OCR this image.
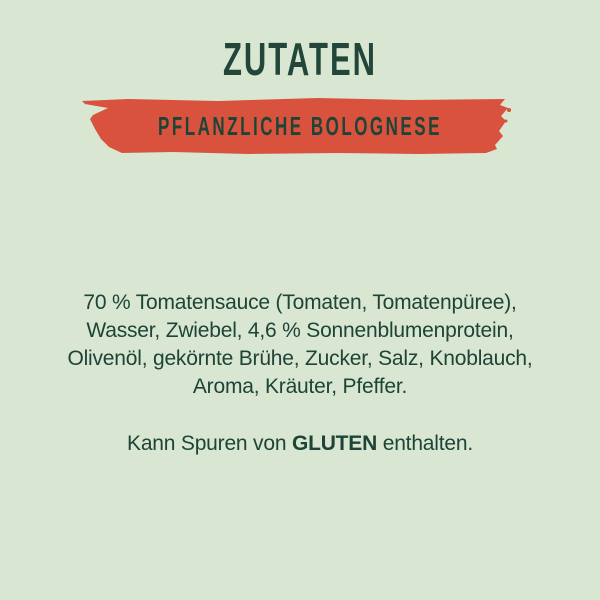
ZUTATEN
PFLANZLICHE BOLOGNESE
70 % Tomatensauce (Tomaten, Tomatenpüree),
Wasser, Zwiebel, 4,6 % Sonnenblumenprotein,
Olivenöl, gekörnte Brühe, Zucker, Salz, Knoblauch,
Aroma, Kräuter, Pfeffer.
Kann Spuren von GLUTEN enthalten.
